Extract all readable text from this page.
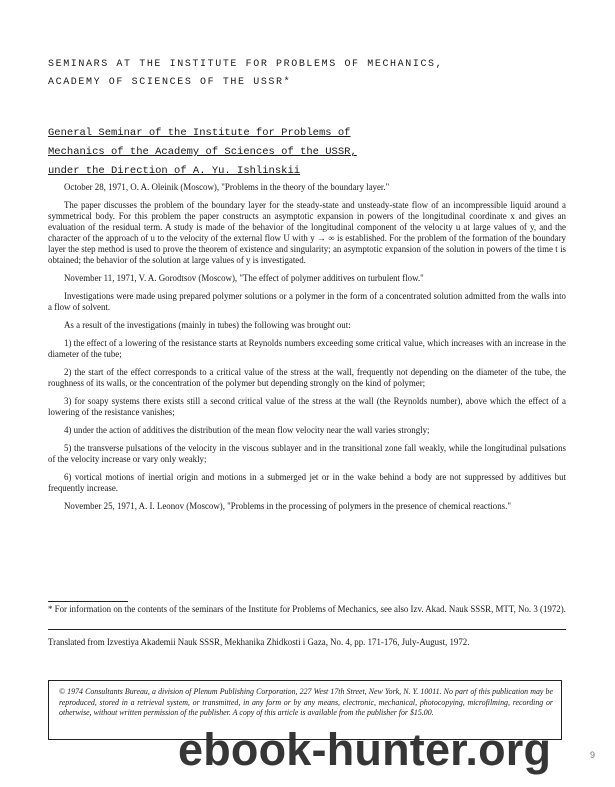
SEMINARS AT THE INSTITUTE FOR PROBLEMS OF MECHANICS,
ACADEMY OF SCIENCES OF THE USSR*
General Seminar of the Institute for Problems of
Mechanics of the Academy of Sciences of the USSR,
under the Direction of A. Yu. Ishlinskii

October 28, 1971, O. A. Oleinik (Moscow), "Problems in the theory of the boundary layer."

The paper discusses the problem of the boundary layer for the steady-state and unsteady-state flow of an incompressible liquid around a symmetrical body. For this problem the paper constructs an asymptotic expansion in powers of the longitudinal coordinate x and gives an evaluation of the residual term. A study is made of the behavior of the longitudinal component of the velocity u at large values of y, and the character of the approach of u to the velocity of the external flow U with y → ∞ is established. For the problem of the formation of the boundary layer the step method is used to prove the theorem of existence and singularity; an asymptotic expansion of the solution in powers of the time t is obtained; the behavior of the solution at large values of y is investigated.

November 11, 1971, V. A. Gorodtsov (Moscow), "The effect of polymer additives on turbulent flow."

Investigations were made using prepared polymer solutions or a polymer in the form of a concentrated solution admitted from the walls into a flow of solvent.

As a result of the investigations (mainly in tubes) the following was brought out:

1) the effect of a lowering of the resistance starts at Reynolds numbers exceeding some critical value, which increases with an increase in the diameter of the tube;

2) the start of the effect corresponds to a critical value of the stress at the wall, frequently not depending on the diameter of the tube, the roughness of its walls, or the concentration of the polymer but depending strongly on the kind of polymer;

3) for soapy systems there exists still a second critical value of the stress at the wall (the Reynolds number), above which the effect of a lowering of the resistance vanishes;

4) under the action of additives the distribution of the mean flow velocity near the wall varies strongly;

5) the transverse pulsations of the velocity in the viscous sublayer and in the transitional zone fall weakly, while the longitudinal pulsations of the velocity increase or vary only weakly;

6) vortical motions of inertial origin and motions in a submerged jet or in the wake behind a body are not suppressed by additives but frequently increase.

November 25, 1971, A. I. Leonov (Moscow), "Problems in the processing of polymers in the presence of chemical reactions."

* For information on the contents of the seminars of the Institute for Problems of Mechanics, see also Izv. Akad. Nauk SSSR, MTT, No. 3 (1972).
Translated from Izvestiya Akademii Nauk SSSR, Mekhanika Zhidkosti i Gaza, No. 4, pp. 171-176, July-August, 1972.
© 1974 Consultants Bureau, a division of Plenum Publishing Corporation, 227 West 17th Street, New York, N. Y. 10011. No part of this publication may be reproduced, stored in a retrieval system, or transmitted, in any form or by any means, electronic, mechanical, photocopying, microfilming, recording or otherwise, without written permission of the publisher. A copy of this article is available from the publisher for $15.00.
9
ebook-hunter.org
